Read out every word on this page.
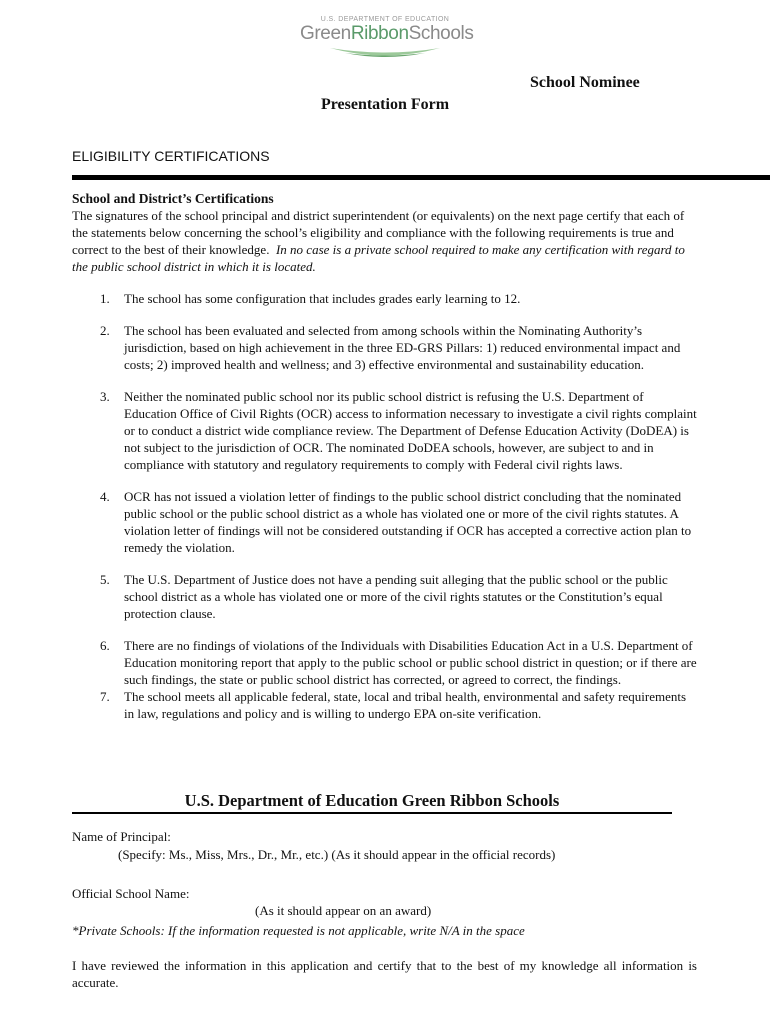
U.S. DEPARTMENT OF EDUCATION
GreenRibbonSchools
School Nominee
Presentation Form
ELIGIBILITY CERTIFICATIONS

School and District’s Certifications

The signatures of the school principal and district superintendent (or equivalents) on the next page certify that each of the statements below concerning the school’s eligibility and compliance with the following requirements is true and correct to the best of their knowledge. In no case is a private school required to make any certification with regard to the public school district in which it is located.

1. The school has some configuration that includes grades early learning to 12.
2. The school has been evaluated and selected from among schools within the Nominating Authority’s jurisdiction, based on high achievement in the three ED-GRS Pillars: 1) reduced environmental impact and costs; 2) improved health and wellness; and 3) effective environmental and sustainability education.
3. Neither the nominated public school nor its public school district is refusing the U.S. Department of Education Office of Civil Rights (OCR) access to information necessary to investigate a civil rights complaint or to conduct a district wide compliance review. The Department of Defense Education Activity (DoDEA) is not subject to the jurisdiction of OCR. The nominated DoDEA schools, however, are subject to and in compliance with statutory and regulatory requirements to comply with Federal civil rights laws.
4. OCR has not issued a violation letter of findings to the public school district concluding that the nominated public school or the public school district as a whole has violated one or more of the civil rights statutes. A violation letter of findings will not be considered outstanding if OCR has accepted a corrective action plan to remedy the violation.
5. The U.S. Department of Justice does not have a pending suit alleging that the public school or the public school district as a whole has violated one or more of the civil rights statutes or the Constitution’s equal protection clause.
6. There are no findings of violations of the Individuals with Disabilities Education Act in a U.S. Department of Education monitoring report that apply to the public school or public school district in question; or if there are such findings, the state or public school district has corrected, or agreed to correct, the findings.
7. The school meets all applicable federal, state, local and tribal health, environmental and safety requirements in law, regulations and policy and is willing to undergo EPA on-site verification.
U.S. Department of Education Green Ribbon Schools
Name of Principal:
(Specify: Ms., Miss, Mrs., Dr., Mr., etc.) (As it should appear in the official records)
Official School Name:
(As it should appear on an award)
*Private Schools: If the information requested is not applicable, write N/A in the space
I have reviewed the information in this application and certify that to the best of my knowledge all information is accurate.
